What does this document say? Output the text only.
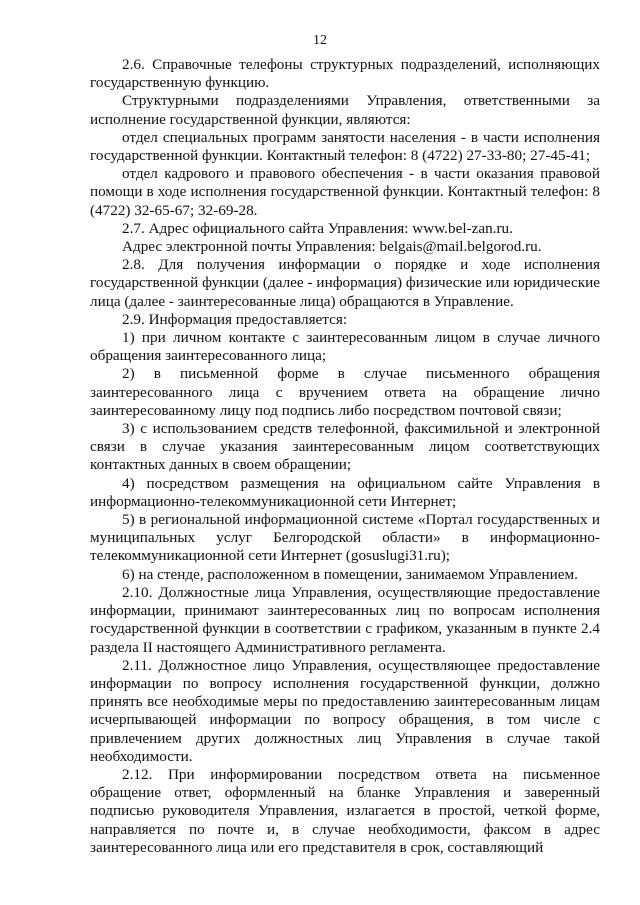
12

2.6. Справочные телефоны структурных подразделений, исполняющих государственную функцию.

Структурными подразделениями Управления, ответственными за исполнение государственной функции, являются:

отдел специальных программ занятости населения - в части исполнения государственной функции. Контактный телефон: 8 (4722) 27-33-80; 27-45-41;

отдел кадрового и правового обеспечения - в части оказания правовой помощи в ходе исполнения государственной функции. Контактный телефон: 8 (4722) 32-65-67; 32-69-28.

2.7. Адрес официального сайта Управления: www.bel-zan.ru.

Адрес электронной почты Управления: belgais@mail.belgorod.ru.

2.8. Для получения информации о порядке и ходе исполнения государственной функции (далее - информация) физические или юридические лица (далее - заинтересованные лица) обращаются в Управление.

2.9. Информация предоставляется:

1) при личном контакте с заинтересованным лицом в случае личного обращения заинтересованного лица;

2) в письменной форме в случае письменного обращения заинтересованного лица с вручением ответа на обращение лично заинтересованному лицу под подпись либо посредством почтовой связи;

3) с использованием средств телефонной, факсимильной и электронной связи в случае указания заинтересованным лицом соответствующих контактных данных в своем обращении;

4) посредством размещения на официальном сайте Управления в информационно-телекоммуникационной сети Интернет;

5) в региональной информационной системе «Портал государственных и муниципальных услуг Белгородской области» в информационно-телекоммуникационной сети Интернет (gosuslugi31.ru);

6) на стенде, расположенном в помещении, занимаемом Управлением.

2.10. Должностные лица Управления, осуществляющие предоставление информации, принимают заинтересованных лиц по вопросам исполнения государственной функции в соответствии с графиком, указанным в пункте 2.4 раздела II настоящего Административного регламента.

2.11. Должностное лицо Управления, осуществляющее предоставление информации по вопросу исполнения государственной функции, должно принять все необходимые меры по предоставлению заинтересованным лицам исчерпывающей информации по вопросу обращения, в том числе с привлечением других должностных лиц Управления в случае такой необходимости.

2.12. При информировании посредством ответа на письменное обращение ответ, оформленный на бланке Управления и заверенный подписью руководителя Управления, излагается в простой, четкой форме, направляется по почте и, в случае необходимости, факсом в адрес заинтересованного лица или его представителя в срок, составляющий
